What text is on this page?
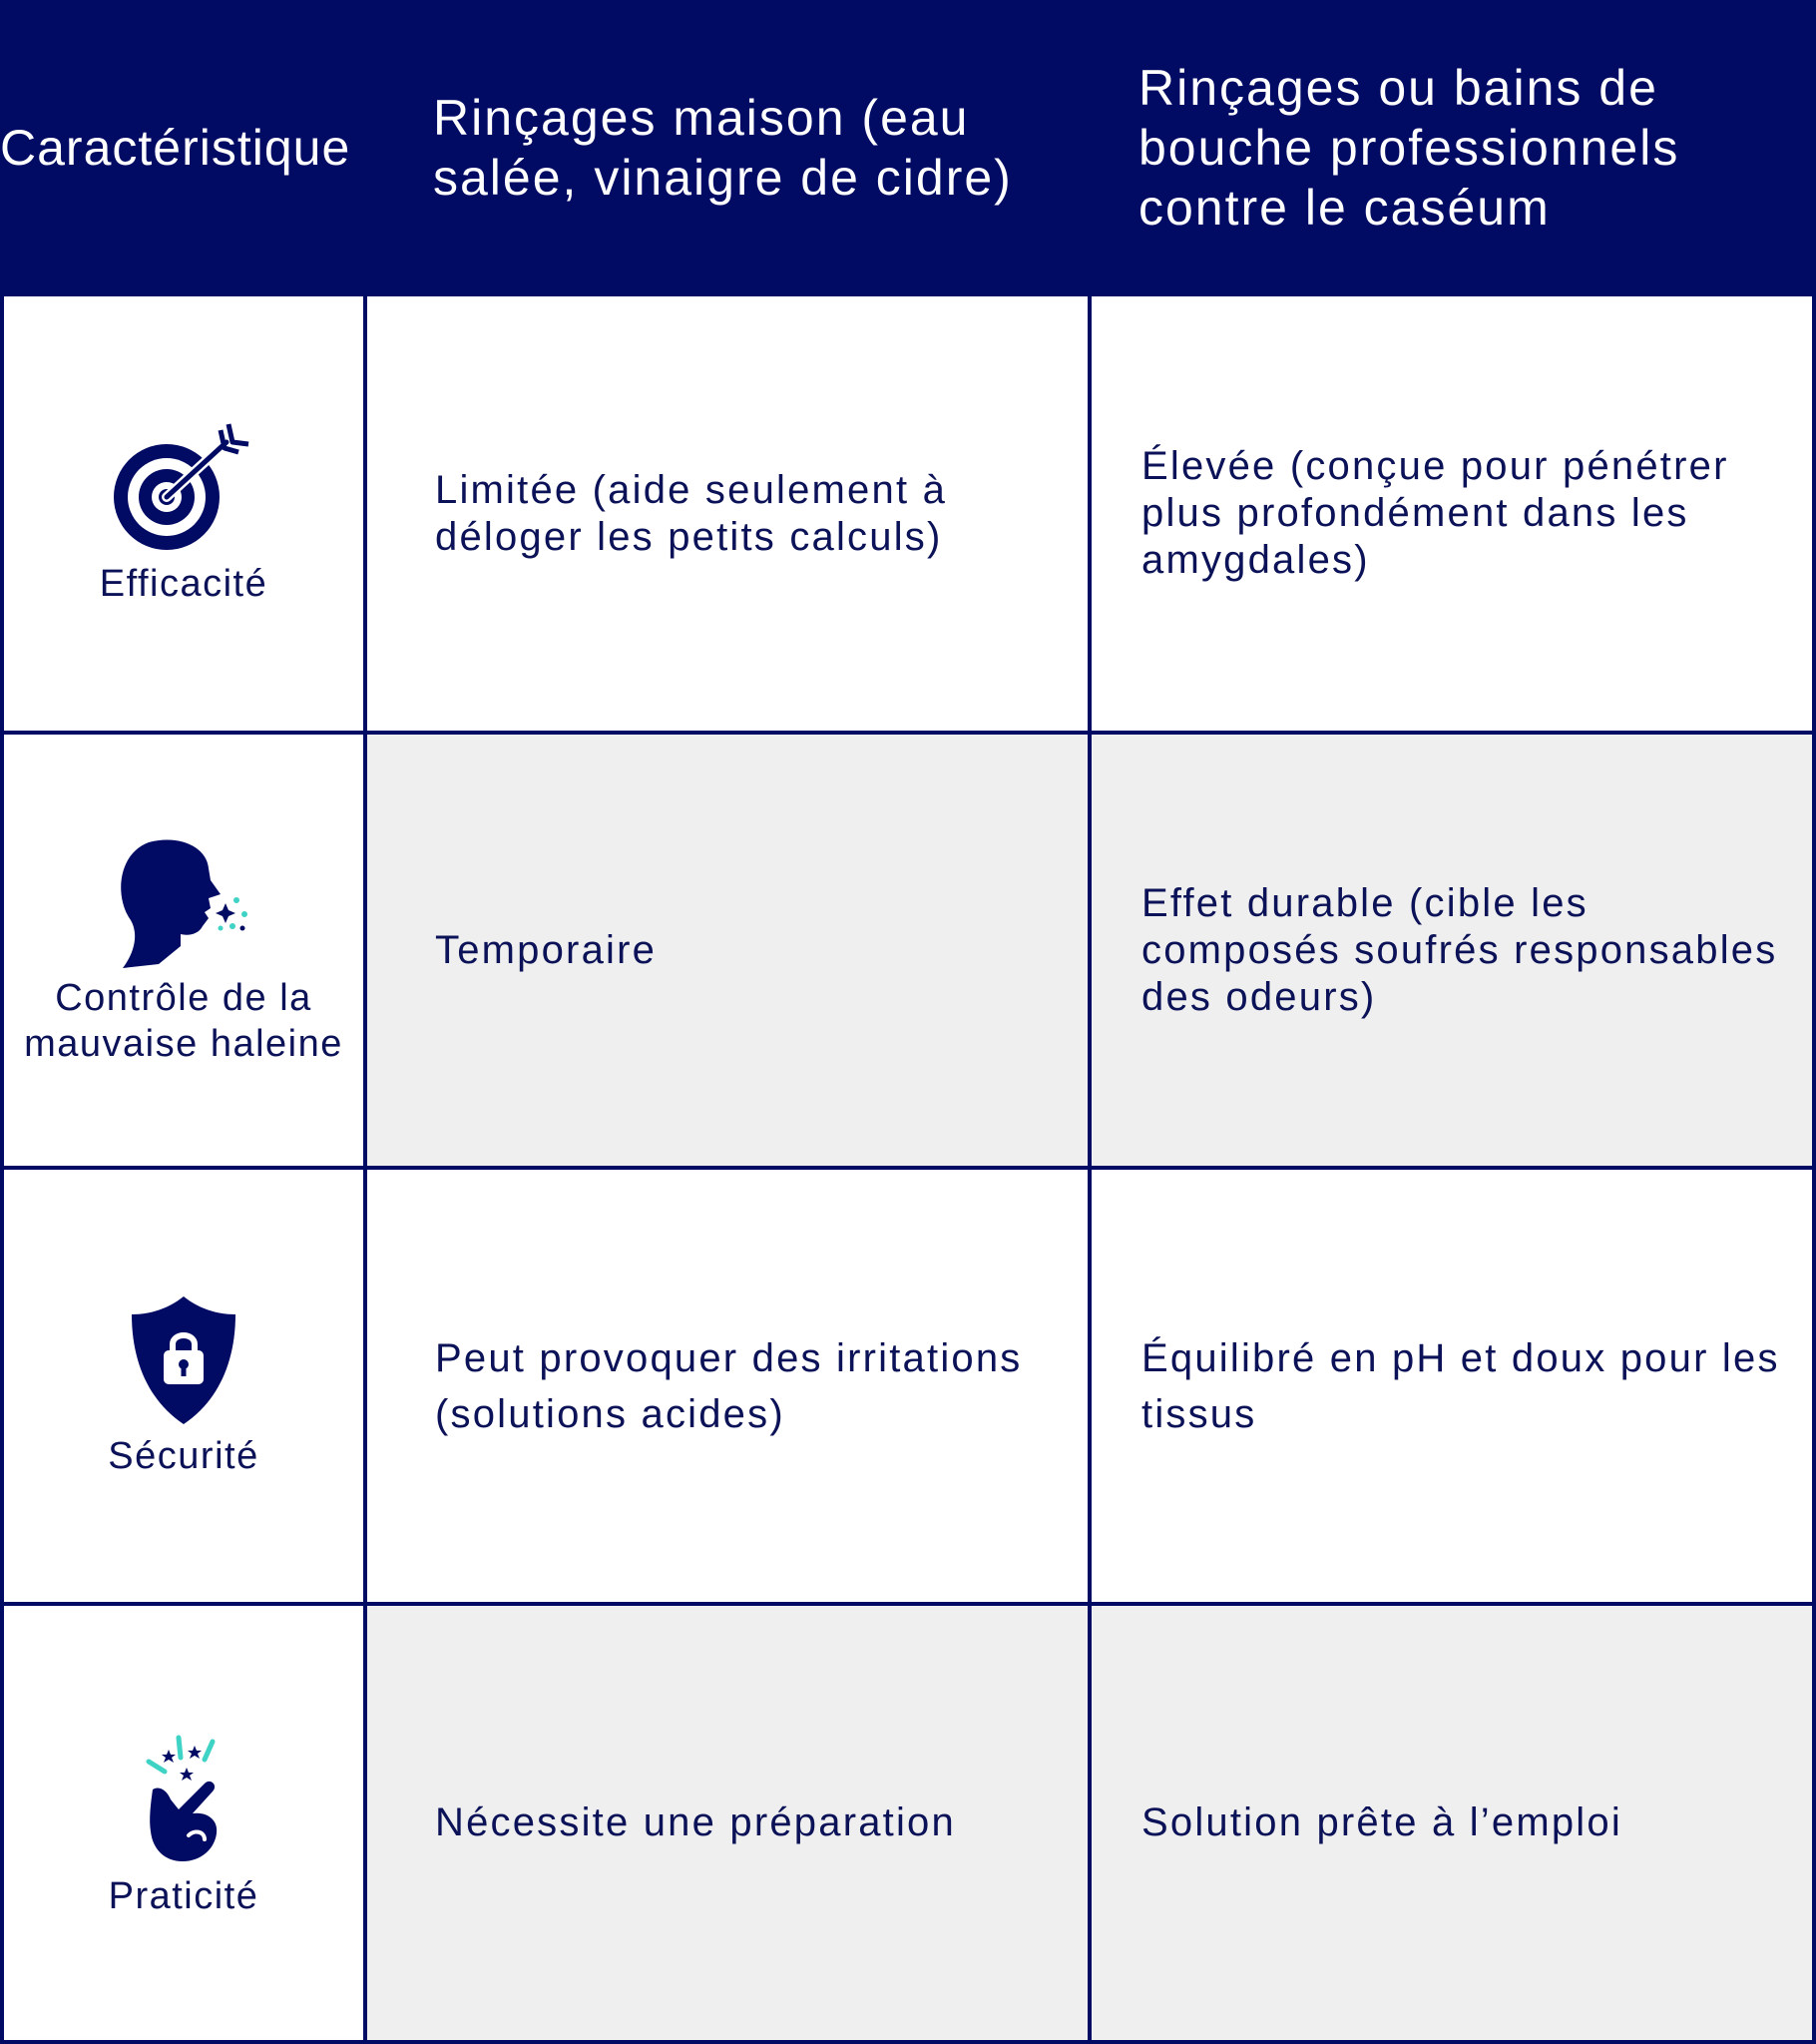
Caractéristique
Rinçages maison (eau salée, vinaigre de cidre)
Rinçages ou bains de bouche professionnels contre le caséum
Efficacité
Limitée (aide seulement à déloger les petits calculs)
Élevée (conçue pour pénétrer plus profondément dans les amygdales)
Contrôle de la mauvaise haleine
Temporaire
Effet durable (cible les composés soufrés responsables des odeurs)
Sécurité
Peut provoquer des irritations (solutions acides)
Équilibré en pH et doux pour les tissus
Praticité
Nécessite une préparation	Solution prête à l’emploi
